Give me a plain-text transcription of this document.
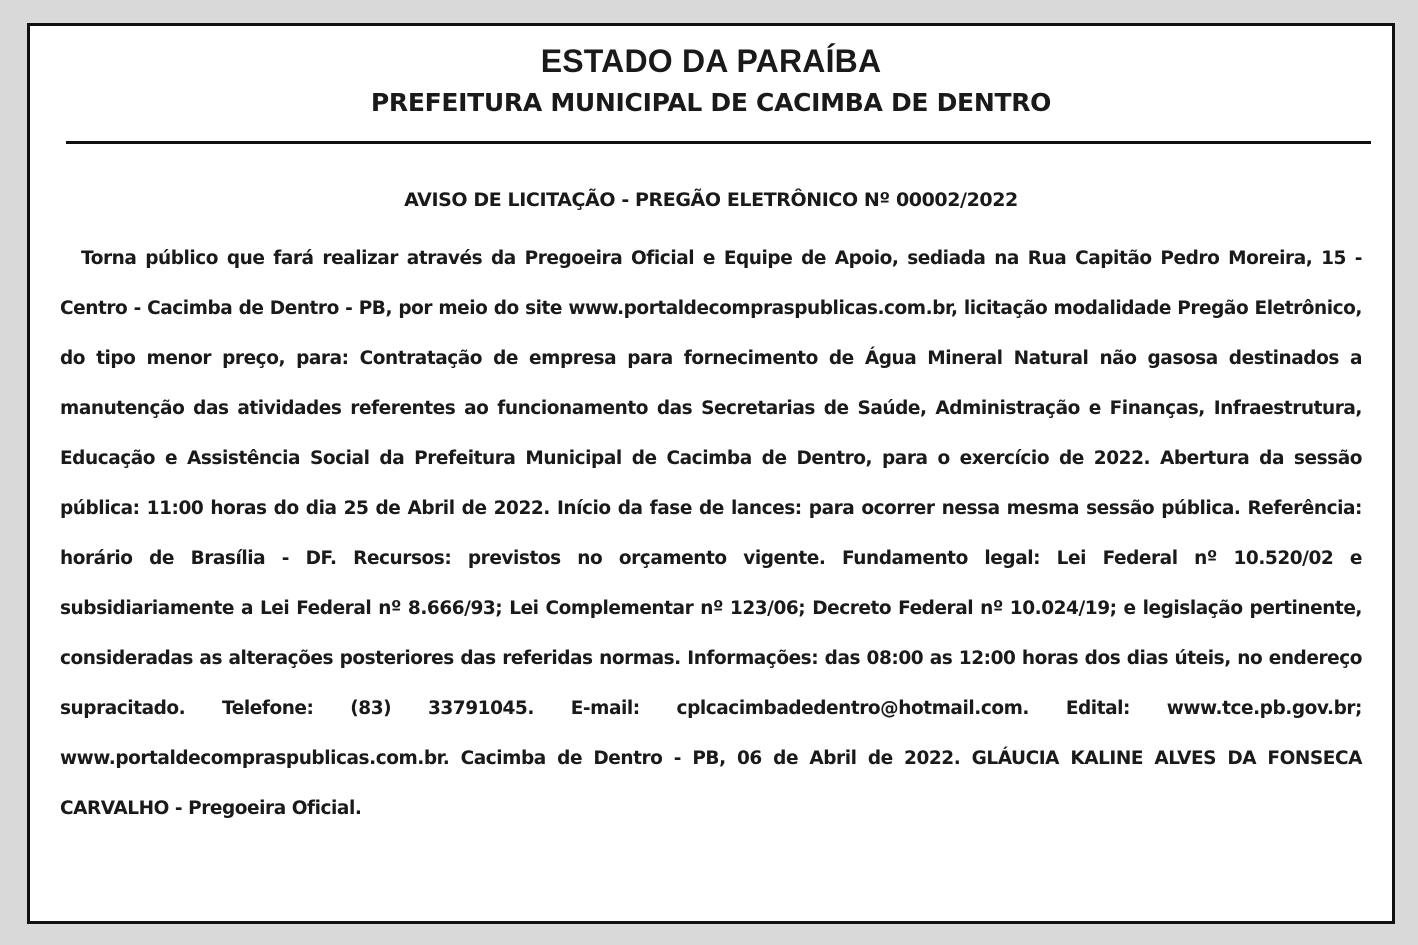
ESTADO DA PARAÍBA
PREFEITURA MUNICIPAL DE CACIMBA DE DENTRO
AVISO DE LICITAÇÃO - PREGÃO ELETRÔNICO Nº 00002/2022

Torna público que fará realizar através da Pregoeira Oficial e Equipe de Apoio, sediada na Rua Capitão Pedro Moreira, 15 - Centro - Cacimba de Dentro - PB, por meio do site www.portaldecompraspublicas.com.br, licitação modalidade Pregão Eletrônico, do tipo menor preço, para: Contratação de empresa para fornecimento de Água Mineral Natural não gasosa destinados a manutenção das atividades referentes ao funcionamento das Secretarias de Saúde, Administração e Finanças, Infraestrutura, Educação e Assistência Social da Prefeitura Municipal de Cacimba de Dentro, para o exercício de 2022. Abertura da sessão pública: 11:00 horas do dia 25 de Abril de 2022. Início da fase de lances: para ocorrer nessa mesma sessão pública. Referência: horário de Brasília - DF. Recursos: previstos no orçamento vigente. Fundamento legal: Lei Federal nº 10.520/02 e subsidiariamente a Lei Federal nº 8.666/93; Lei Complementar nº 123/06; Decreto Federal nº 10.024/19; e legislação pertinente, consideradas as alterações posteriores das referidas normas. Informações: das 08:00 as 12:00 horas dos dias úteis, no endereço supracitado. Telefone: (83) 33791045. E-mail: cplcacimbadedentro@hotmail.com. Edital: www.tce.pb.gov.br; www.portaldecompraspublicas.com.br. Cacimba de Dentro - PB, 06 de Abril de 2022. GLÁUCIA KALINE ALVES DA FONSECA CARVALHO - Pregoeira Oficial.
